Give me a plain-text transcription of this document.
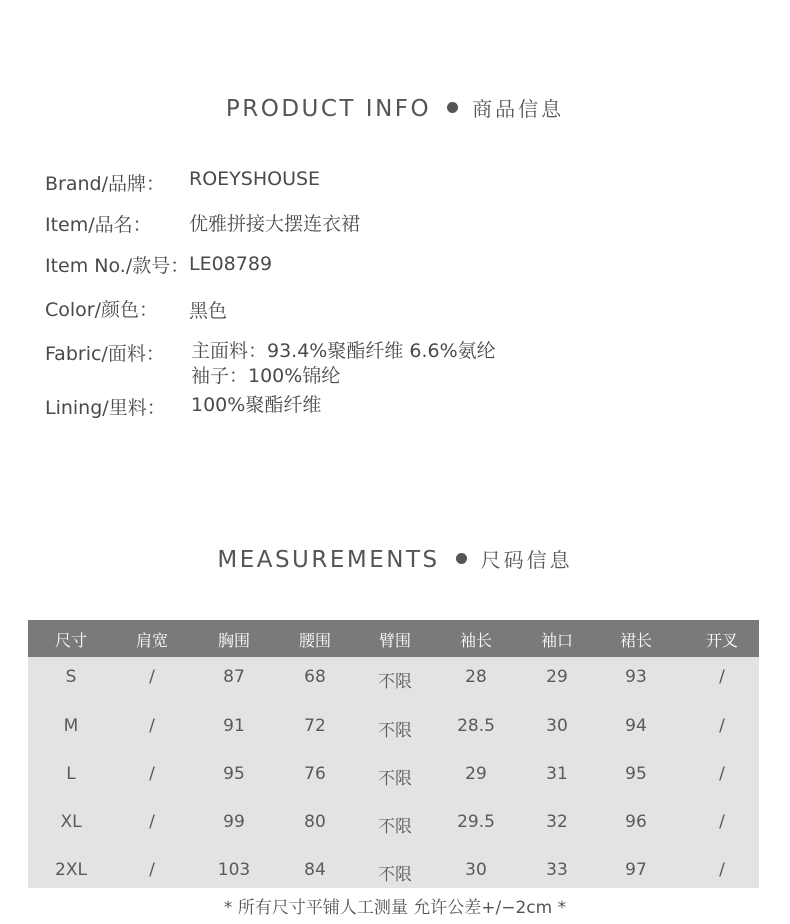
PRODUCT INFO 商品信息
Brand/品牌： ROEYSHOUSE
Item/品名： 优雅拼接大摆连衣裙
Item No./款号： LE08789
Color/颜色： 黑色
Fabric/面料： 主面料：93.4%聚酯纤维 6.6%氨纶
袖子：100%锦纶
Lining/里料： 100%聚酯纤维
MEASUREMENTS 尺码信息
尺寸	肩宽	胸围	腰围	臂围	袖长	袖口	裙长	开叉
S	/	87	68	不限	28	29	93	/
M	/	91	72	不限	28.5	30	94	/
L	/	95	76	不限	29	31	95	/
XL	/	99	80	不限	29.5	32	96	/
2XL	/	103	84	不限	30	33	97	/
* 所有尺寸平铺人工测量 允许公差+/−2cm *
